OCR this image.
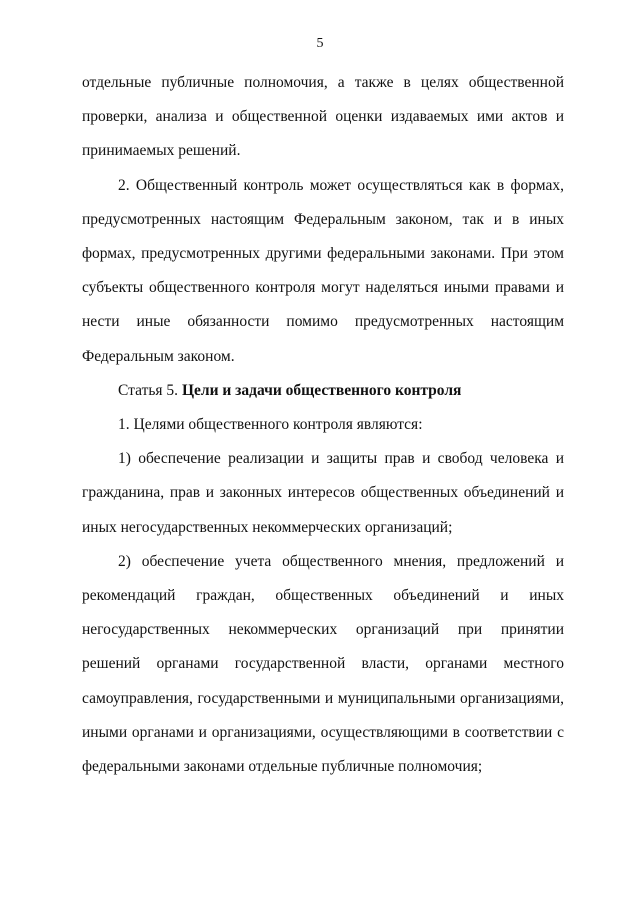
5

отдельные публичные полномочия, а также в целях общественной проверки, анализа и общественной оценки издаваемых ими актов и принимаемых решений.

2. Общественный контроль может осуществляться как в формах, предусмотренных настоящим Федеральным законом, так и в иных формах, предусмотренных другими федеральными законами. При этом субъекты общественного контроля могут наделяться иными правами и нести иные обязанности помимо предусмотренных настоящим Федеральным законом.

Статья 5. Цели и задачи общественного контроля

1. Целями общественного контроля являются:

1) обеспечение реализации и защиты прав и свобод человека и гражданина, прав и законных интересов общественных объединений и иных негосударственных некоммерческих организаций;

2) обеспечение учета общественного мнения, предложений и рекомендаций граждан, общественных объединений и иных негосударственных некоммерческих организаций при принятии решений органами государственной власти, органами местного самоуправления, государственными и муниципальными организациями, иными органами и организациями, осуществляющими в соответствии с федеральными законами отдельные публичные полномочия;
